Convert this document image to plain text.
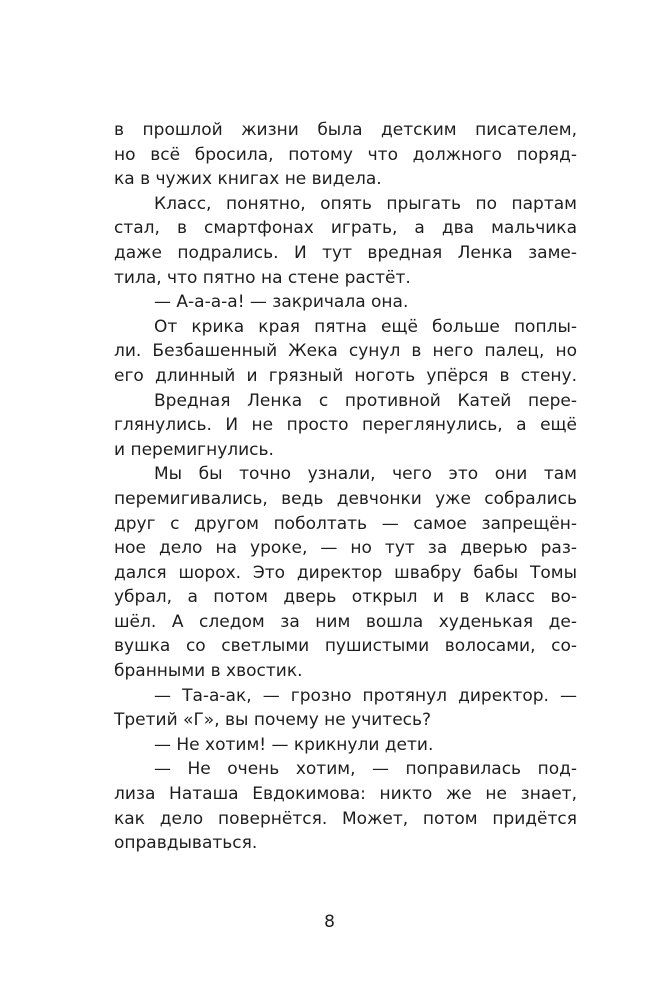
в прошлой жизни была детским писателем,
но всё бросила, потому что должного поряд-
ка в чужих книгах не видела.
Класс, понятно, опять прыгать по партам
стал, в смартфонах играть, а два мальчика
даже подрались. И тут вредная Ленка заме-
тила, что пятно на стене растёт.
— А-а-а-а! — закричала она.
От крика края пятна ещё больше поплы-
ли. Безбашенный Жека сунул в него палец, но
его длинный и грязный ноготь упёрся в стену.
Вредная Ленка с противной Катей пере-
глянулись. И не просто переглянулись, а ещё
и перемигнулись.
Мы бы точно узнали, чего это они там
перемигивались, ведь девчонки уже собрались
друг с другом поболтать — самое запрещён-
ное дело на уроке, — но тут за дверью раз-
дался шорох. Это директор швабру бабы Томы
убрал, а потом дверь открыл и в класс во-
шёл. А следом за ним вошла худенькая де-
вушка со светлыми пушистыми волосами, со-
бранными в хвостик.
— Та-а-ак, — грозно протянул директор. —
Третий «Г», вы почему не учитесь?
— Не хотим! — крикнули дети.
— Не очень хотим, — поправилась под-
лиза Наташа Евдокимова: никто же не знает,
как дело повернётся. Может, потом придётся
оправдываться.
8
